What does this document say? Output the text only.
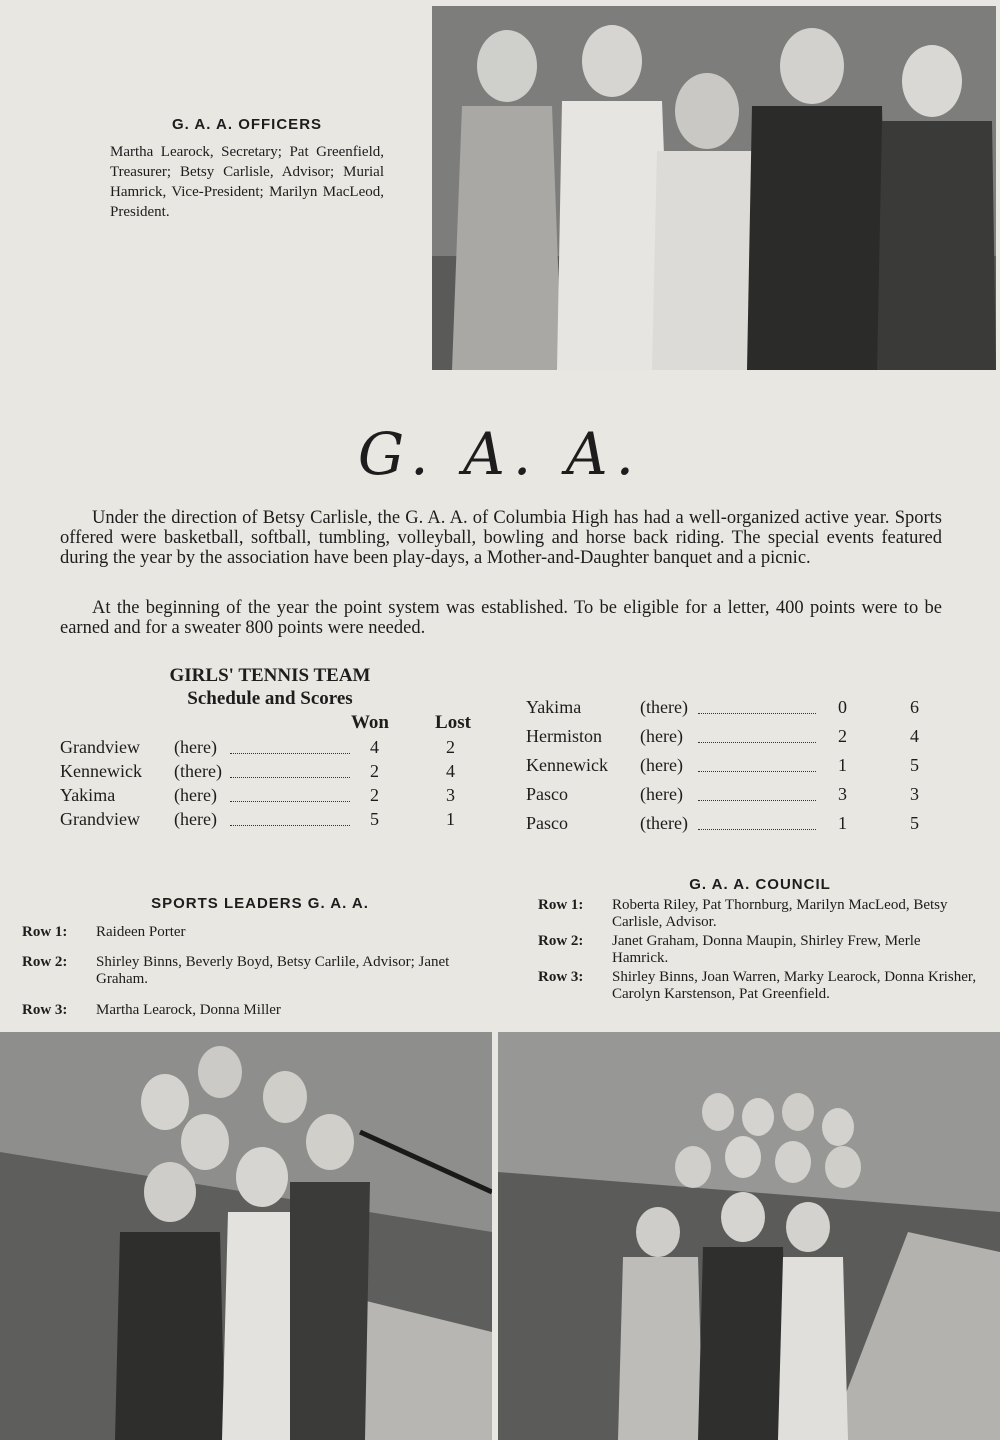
G. A. A. OFFICERS
Martha Learock, Secretary; Pat Greenfield, Treasurer; Betsy Carlisle, Advisor; Murial Hamrick, Vice-President; Marilyn MacLeod, President.
G. A. A.
Under the direction of Betsy Carlisle, the G. A. A. of Columbia High has had a well-organized active year. Sports offered were basketball, softball, tumbling, volleyball, bowling and horse back riding. The special events featured during the year by the association have been play-days, a Mother-and-Daughter banquet and a picnic.
At the beginning of the year the point system was established. To be eligible for a letter, 400 points were to be earned and for a sweater 800 points were needed.
GIRLS' TENNIS TEAM
Schedule and Scores
Won	Lost
Grandview (here)	4	2
Kennewick (there)	2	4
Yakima	(here)	2	3
Grandview (here)	5	1
Yakima	(there)	0	6
Hermiston (here)	2	4
Kennewick (here)	1	5
Pasco	(here)	3	3
Pasco	(there)	1	5
SPORTS LEADERS G. A. A.
Row 1: Raideen Porter
Row 2: Shirley Binns, Beverly Boyd, Betsy Carlile, Advisor; Janet Graham.
Row 3: Martha Learock, Donna Miller
G. A. A. COUNCIL
Row 1: Roberta Riley, Pat Thornburg, Marilyn MacLeod, Betsy Carlisle, Advisor.
Row 2: Janet Graham, Donna Maupin, Shirley Frew, Merle Hamrick.
Row 3: Shirley Binns, Joan Warren, Marky Learock, Donna Krisher, Carolyn Karstenson, Pat Greenfield.
